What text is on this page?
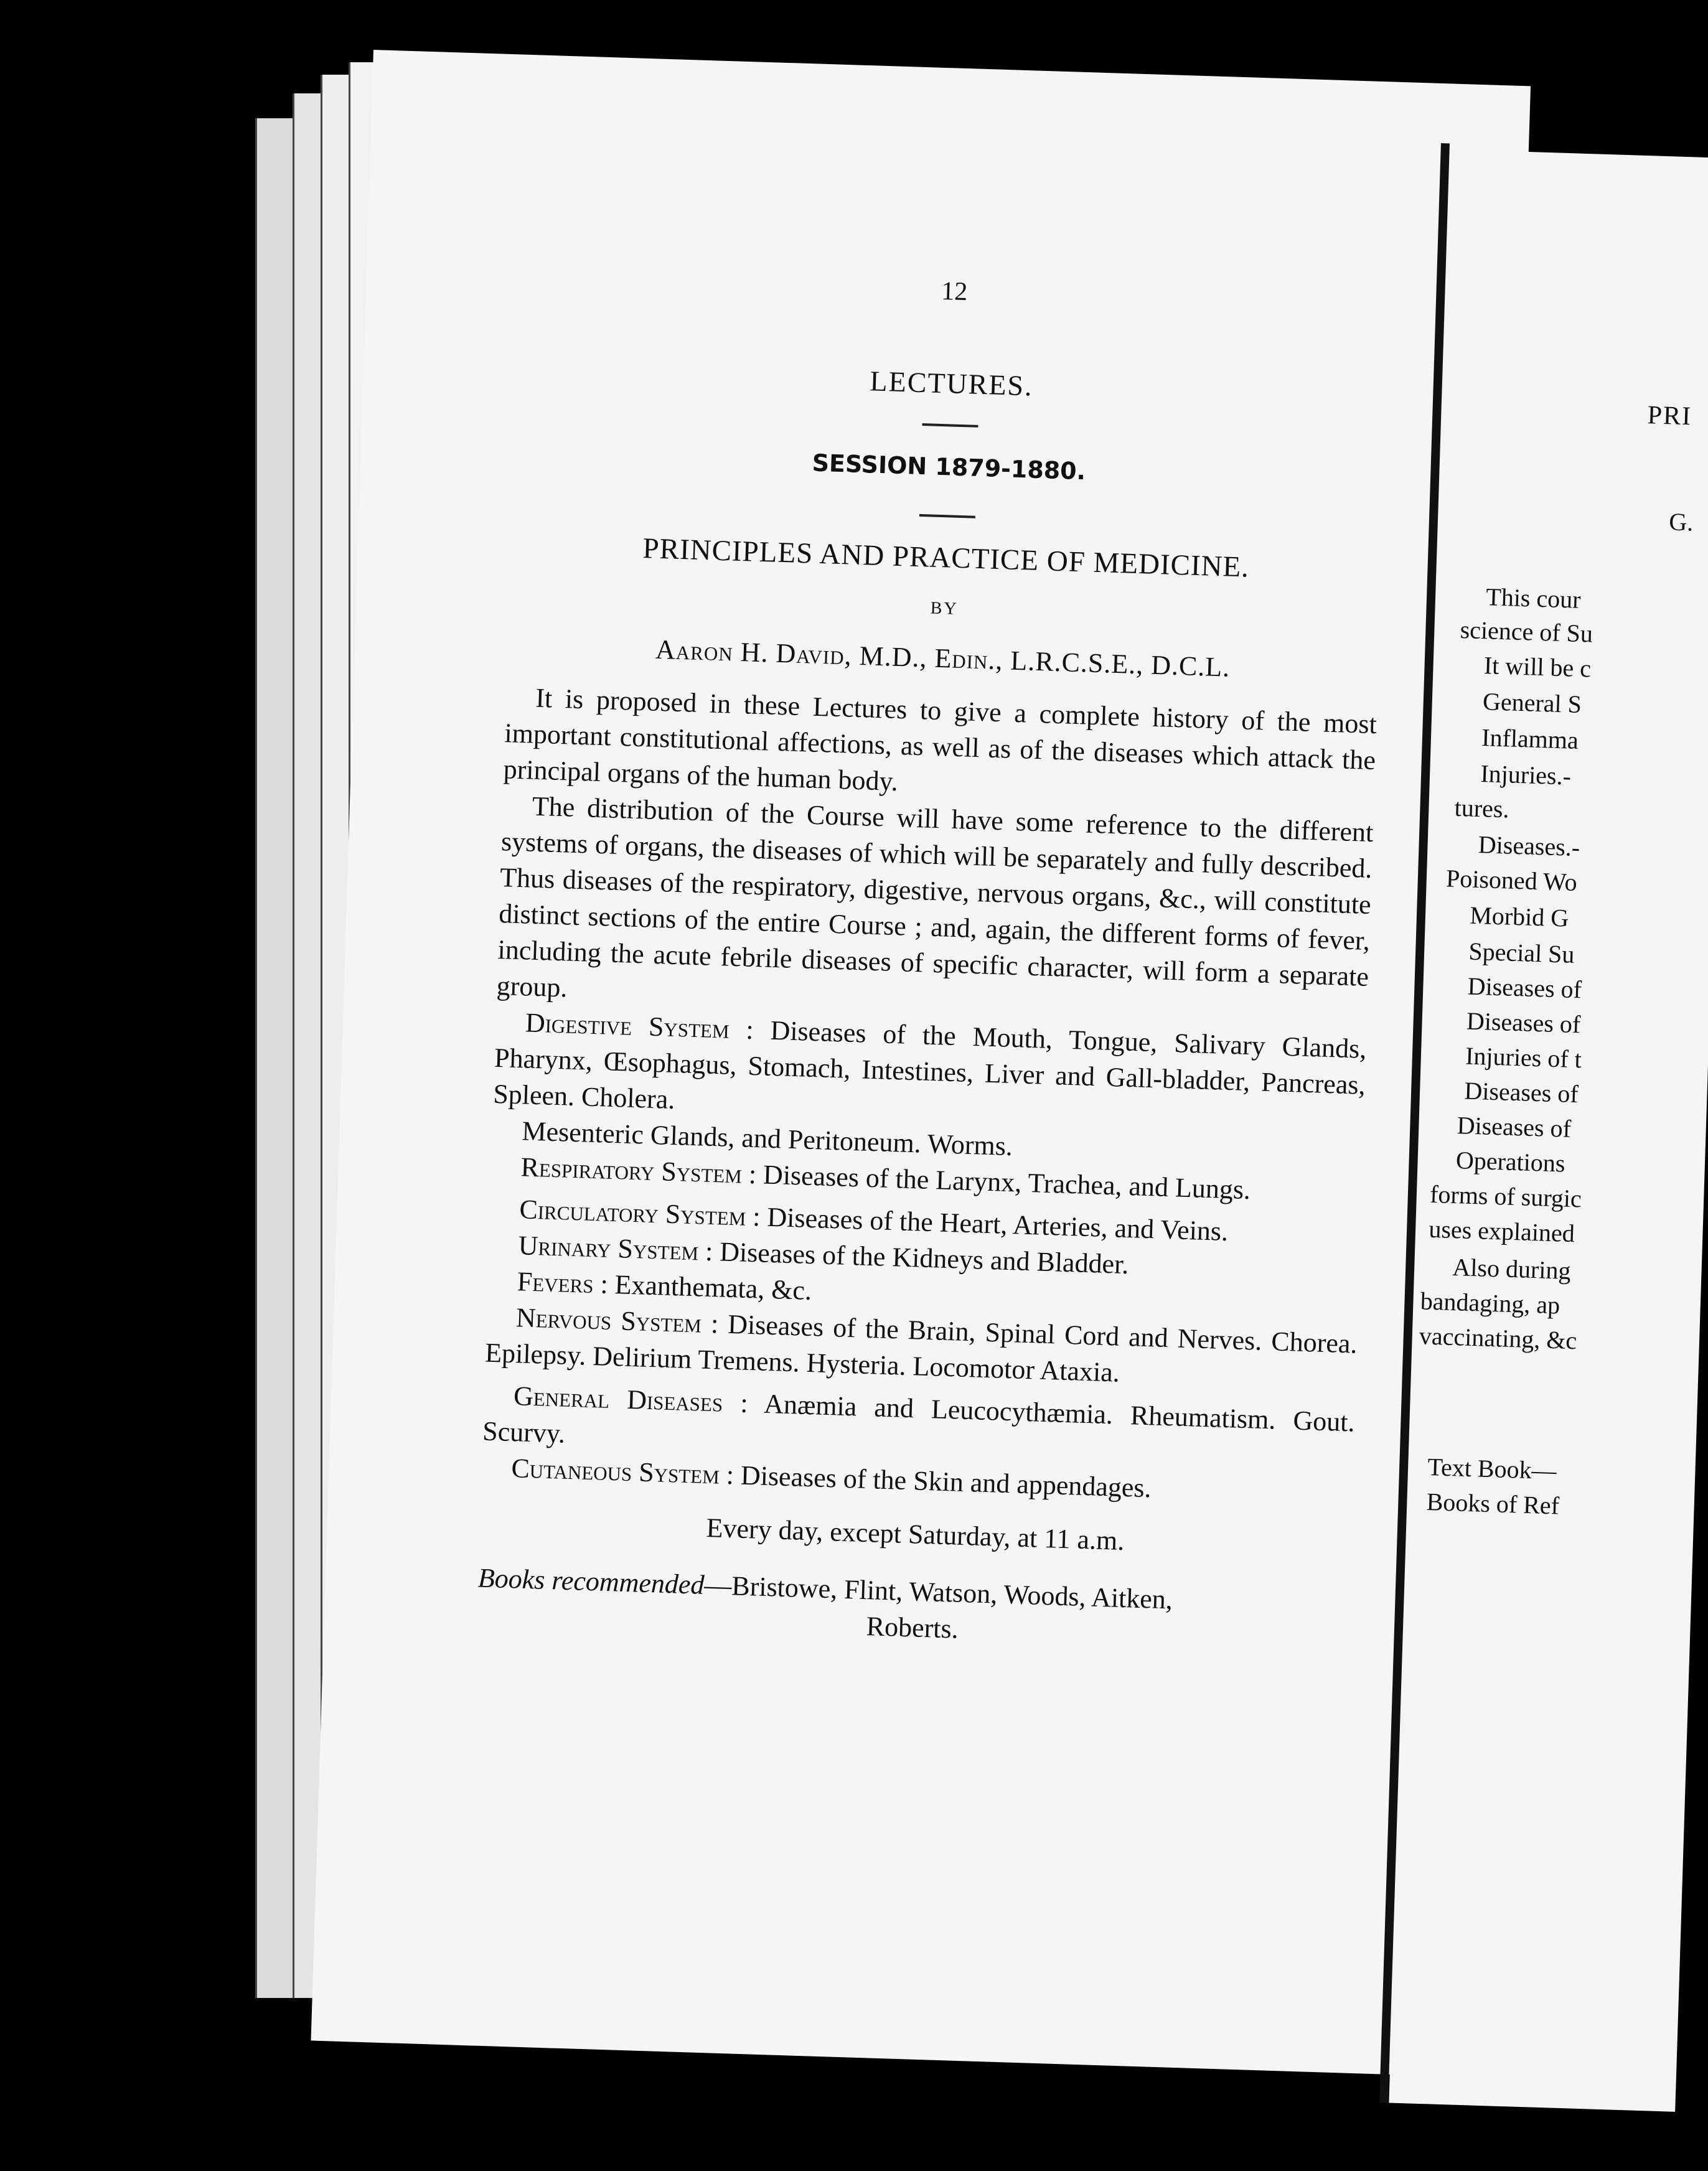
12
LECTURES.
SESSION 1879-1880.
PRINCIPLES AND PRACTICE OF MEDICINE.
BY
Aaron H. David, M.D., Edin., L.R.C.S.E., D.C.L.

It is proposed in these Lectures to give a complete history of the most important constitutional affections, as well as of the diseases which attack the principal organs of the human body.

The distribution of the Course will have some reference to the different systems of organs, the diseases of which will be separately and fully described. Thus diseases of the respiratory, digestive, nervous organs, &c., will constitute distinct sections of the entire Course ; and, again, the different forms of fever, including the acute febrile diseases of specific character, will form a separate group.

Digestive System : Diseases of the Mouth, Tongue, Salivary Glands, Pharynx, Œsophagus, Stomach, Intestines, Liver and Gall-bladder, Pancreas, Spleen. Cholera.

Mesenteric Glands, and Peritoneum. Worms.

Respiratory System : Diseases of the Larynx, Trachea, and Lungs.

Circulatory System : Diseases of the Heart, Arteries, and Veins.

Urinary System : Diseases of the Kidneys and Bladder.

Fevers : Exanthemata, &c.

Nervous System : Diseases of the Brain, Spinal Cord and Nerves. Chorea. Epilepsy. Delirium Tremens. Hysteria. Locomotor Ataxia.

General Diseases : Anæmia and Leucocythæmia. Rheumatism. Gout. Scurvy.

Cutaneous System : Diseases of the Skin and appendages.

Every day, except Saturday, at 11 a.m.

Books recommended—Bristowe, Flint, Watson, Woods, Aitken,

Roberts.

PRI
G.
This cour
science of Su
It will be c
General S
Inflamma
Injuries.-
tures.
Diseases.-
Poisoned Wo
Morbid G
Special Su
Diseases of
Diseases of
Injuries of t
Diseases of
Diseases of
Operations
forms of surgic
uses explained
Also during
bandaging, ap
vaccinating, &c
Text Book—
Books of Ref
